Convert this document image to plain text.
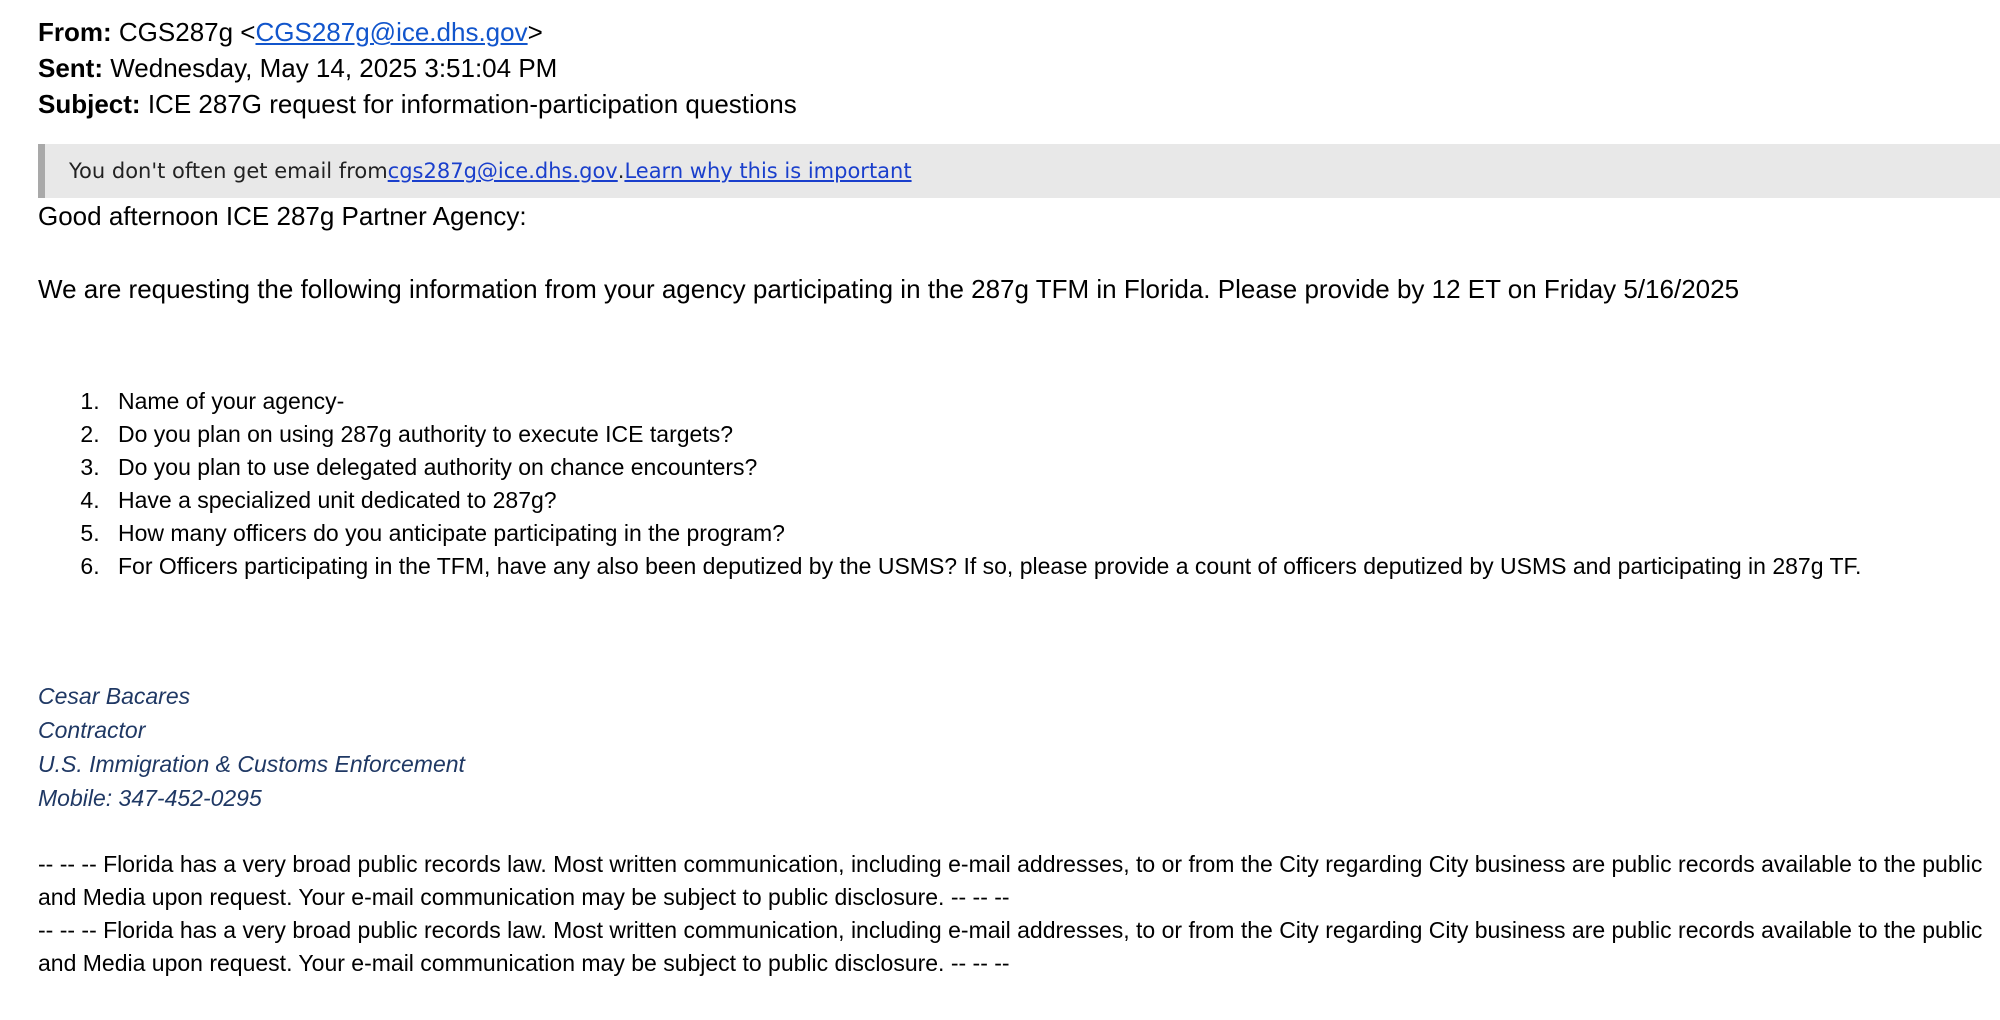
From: CGS287g <CGS287g@ice.dhs.gov>
Sent: Wednesday, May 14, 2025 3:51:04 PM
Subject: ICE 287G request for information-participation questions
You don't often get email from cgs287g@ice.dhs.gov . Learn why this is important
Good afternoon ICE 287g Partner Agency:
We are requesting the following information from your agency participating in the 287g TFM in Florida. Please provide by 12 ET on Friday 5/16/2025
1. Name of your agency-
2. Do you plan on using 287g authority to execute ICE targets?
3. Do you plan to use delegated authority on chance encounters?
4. Have a specialized unit dedicated to 287g?
5. How many officers do you anticipate participating in the program?
6. For Officers participating in the TFM, have any also been deputized by the USMS? If so, please provide a count of officers deputized by USMS and participating in 287g TF.
Cesar Bacares
Contractor
U.S. Immigration & Customs Enforcement
Mobile: 347-452-0295
-- -- -- Florida has a very broad public records law. Most written communication, including e-mail addresses, to or from the City regarding City business are public records available to the public and Media upon request. Your e-mail communication may be subject to public disclosure. -- -- --
-- -- -- Florida has a very broad public records law. Most written communication, including e-mail addresses, to or from the City regarding City business are public records available to the public and Media upon request. Your e-mail communication may be subject to public disclosure. -- -- --
